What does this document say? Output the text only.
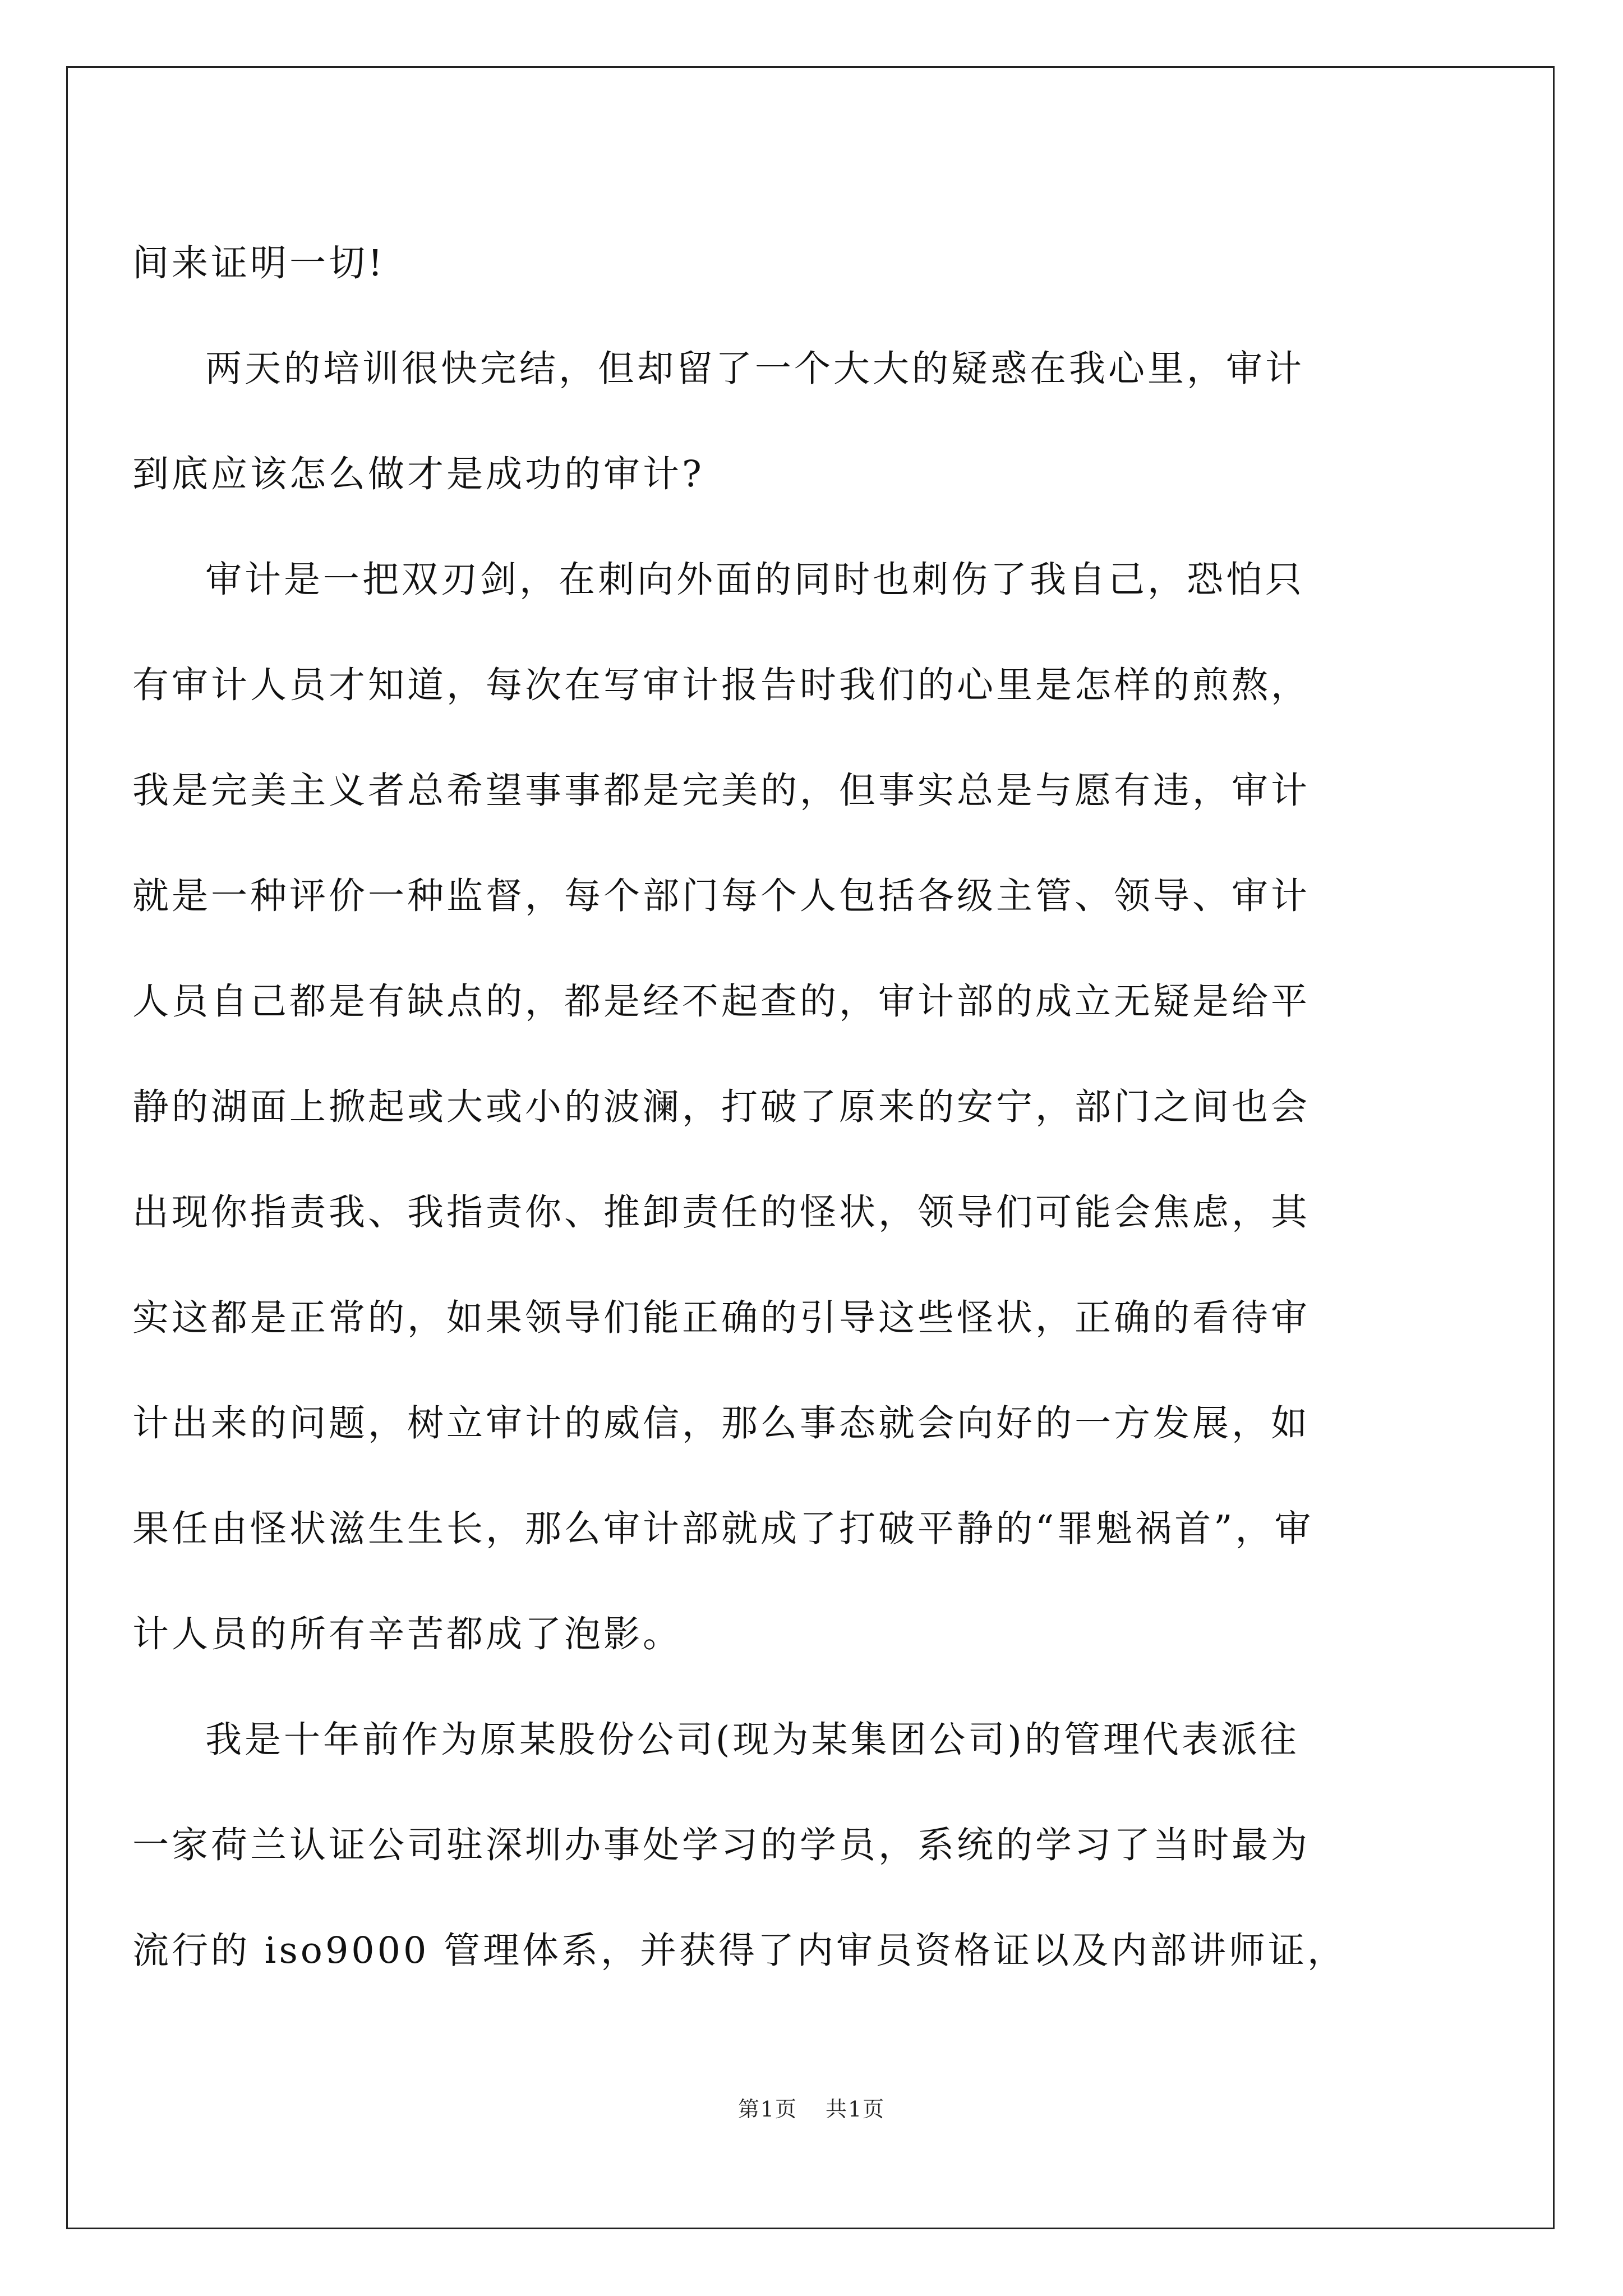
间来证明一切!

两天的培训很快完结，但却留了一个大大的疑惑在我心里，审计
到底应该怎么做才是成功的审计?

审计是一把双刃剑，在刺向外面的同时也刺伤了我自己，恐怕只
有审计人员才知道，每次在写审计报告时我们的心里是怎样的煎熬，
我是完美主义者总希望事事都是完美的，但事实总是与愿有违，审计
就是一种评价一种监督，每个部门每个人包括各级主管、领导、审计
人员自己都是有缺点的，都是经不起查的，审计部的成立无疑是给平
静的湖面上掀起或大或小的波澜，打破了原来的安宁，部门之间也会
出现你指责我、我指责你、推卸责任的怪状，领导们可能会焦虑，其
实这都是正常的，如果领导们能正确的引导这些怪状，正确的看待审
计出来的问题，树立审计的威信，那么事态就会向好的一方发展，如
果任由怪状滋生生长，那么审计部就成了打破平静的“罪魁祸首”，审
计人员的所有辛苦都成了泡影。

我是十年前作为原某股份公司(现为某集团公司)的管理代表派往
一家荷兰认证公司驻深圳办事处学习的学员，系统的学习了当时最为
流行的 iso9000 管理体系，并获得了内审员资格证以及内部讲师证，

第1页 共1页
